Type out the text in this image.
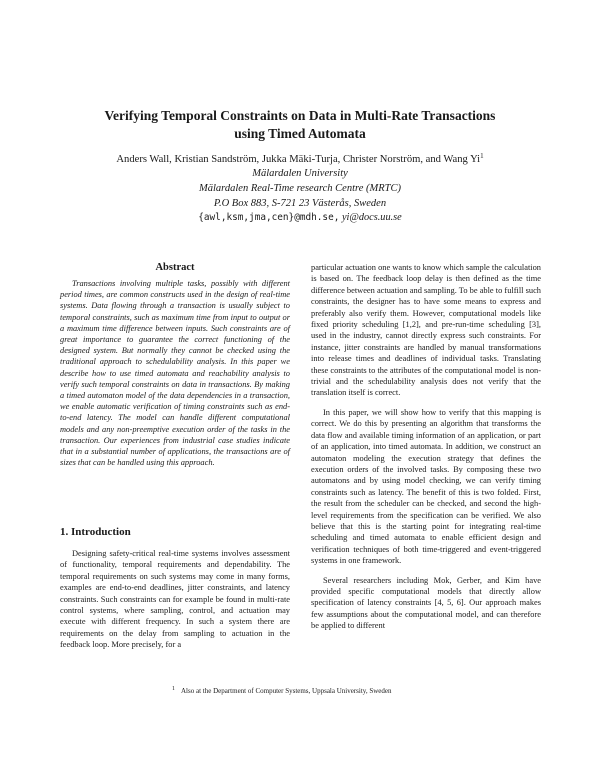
Verifying Temporal Constraints on Data in Multi-Rate Transactions
using Timed Automata
Anders Wall, Kristian Sandström, Jukka Mäki-Turja, Christer Norström, and Wang Yi$^1$
Mälardalen University
Mälardalen Real-Time research Centre (MRTC)
P.O Box 883, S-721 23 Västerås, Sweden
{awl,ksm,jma,cen}@mdh.se, yi@docs.uu.se
Abstract

Transactions involving multiple tasks, possibly with different period times, are common constructs used in the design of real-time systems. Data flowing through a transaction is usually subject to temporal constraints, such as maximum time from input to output or a maximum time difference between inputs. Such constraints are of great importance to guarantee the correct functioning of the designed system. But normally they cannot be checked using the traditional approach to schedulability analysis. In this paper we describe how to use timed automata and reachability analysis to verify such temporal constraints on data in transactions. By making a timed automaton model of the data dependencies in a transaction, we enable automatic verification of timing constraints such as end-to-end latency. The model can handle different computational models and any non-preemptive execution order of the tasks in the transaction. Our experiences from industrial case studies indicate that in a substantial number of applications, the transactions are of sizes that can be handled using this approach.

1. Introduction

Designing safety-critical real-time systems involves assessment of functionality, temporal requirements and dependability. The temporal requirements on such systems may come in many forms, examples are end-to-end deadlines, jitter constraints, and latency constraints. Such constraints can for example be found in multi-rate control systems, where sampling, control, and actuation may execute with different frequency. In such a system there are requirements on the delay from sampling to actuation in the feedback loop. More precisely, for a

particular actuation one wants to know which sample the calculation is based on. The feedback loop delay is then defined as the time difference between actuation and sampling. To be able to fulfill such constraints, the designer has to have some means to express and preferably also verify them. However, computational models like fixed priority scheduling [1,2], and pre-run-time scheduling [3], used in the industry, cannot directly express such constraints. For instance, jitter constraints are handled by manual transformations into release times and deadlines of individual tasks. Translating these constraints to the attributes of the computational model is non-trivial and the schedulability analysis does not verify that the translation itself is correct.

In this paper, we will show how to verify that this mapping is correct. We do this by presenting an algorithm that transforms the data flow and available timing information of an application, or part of an application, into timed automata. In addition, we construct an automaton modeling the execution strategy that defines the execution orders of the involved tasks. By composing these two automatons and by using model checking, we can verify timing constraints such as latency. The benefit of this is two folded. First, the result from the scheduler can be checked, and second the high-level requirements from the specification can be verified. We also believe that this is the starting point for integrating real-time scheduling and timed automata to enable efficient design and verification techniques of both time-triggered and event-triggered systems in one framework.

Several researchers including Mok, Gerber, and Kim have provided specific computational models that directly allow specification of latency constraints [4, 5, 6]. Our approach makes few assumptions about the computational model, and can therefore be applied to different

$^1$ Also at the Department of Computer Systems, Uppsala University, Sweden
